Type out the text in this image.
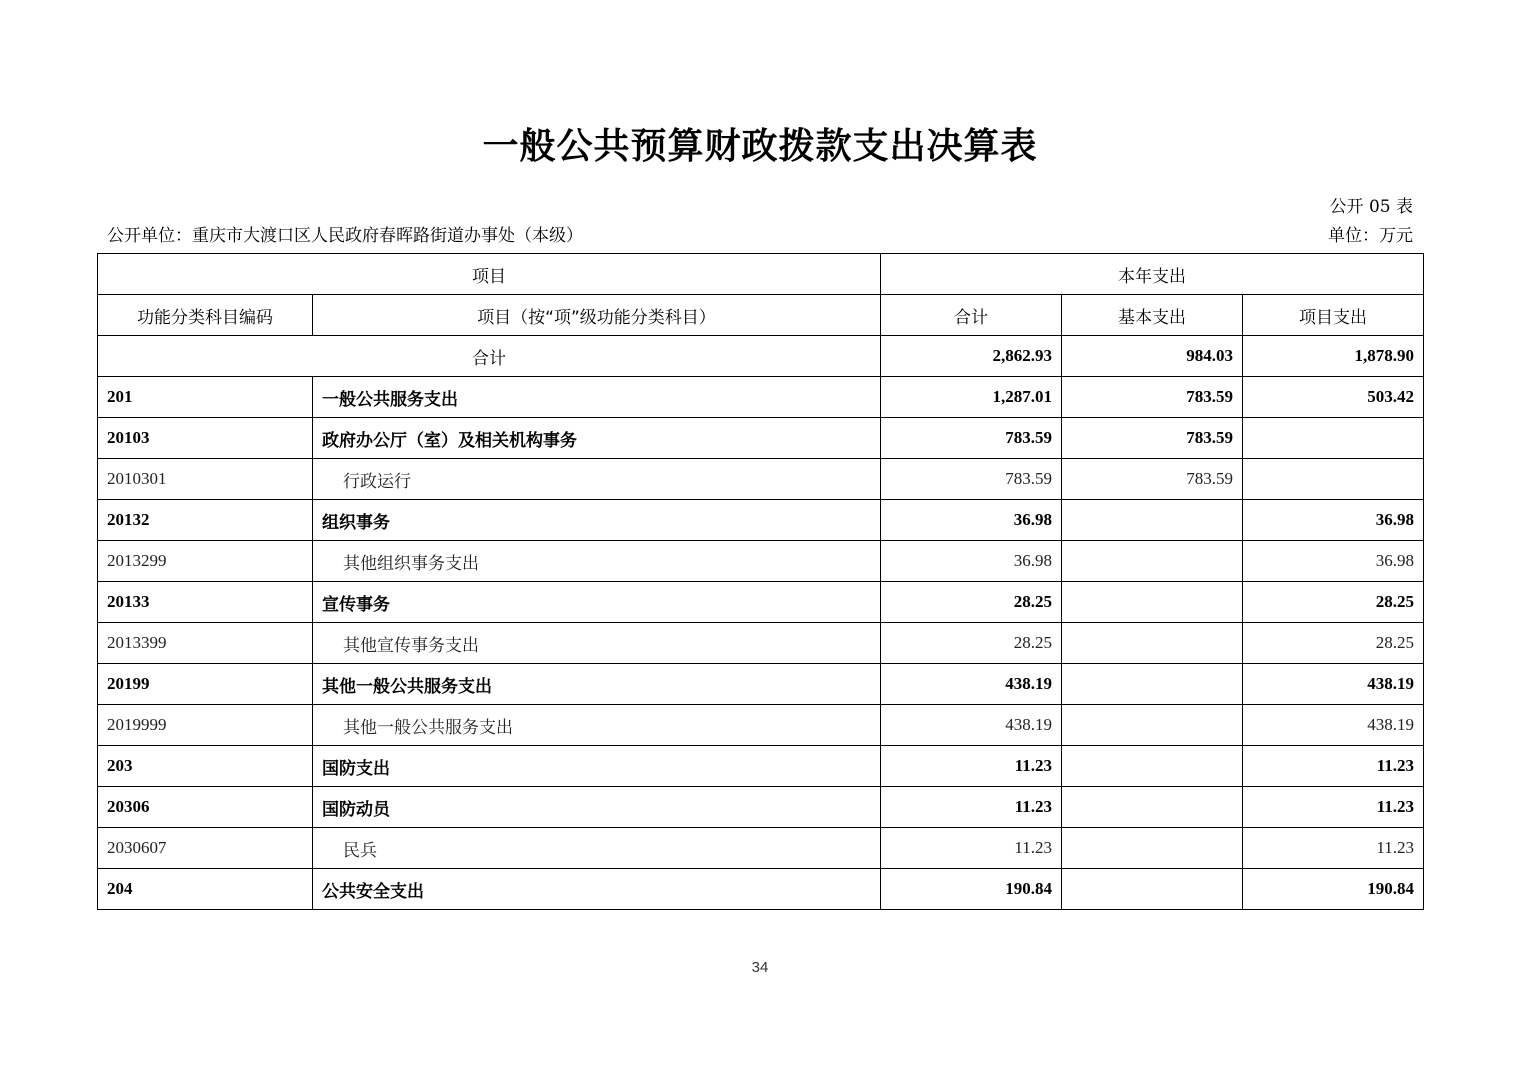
一般公共预算财政拨款支出决算表
公开 05 表
公开单位：重庆市大渡口区人民政府春晖路街道办事处（本级）	单位：万元
项目		本年支出		
功能分类科目编码	项目（按“项”级功能分类科目）	合计	基本支出	项目支出
合计		2,862.93	984.03	1,878.90
201	一般公共服务支出	1,287.01	783.59	503.42
20103	政府办公厅（室）及相关机构事务	783.59	783.59	
2010301	行政运行	783.59	783.59	
20132	组织事务	36.98		36.98
2013299	其他组织事务支出	36.98		36.98
20133	宣传事务	28.25		28.25
2013399	其他宣传事务支出	28.25		28.25
20199	其他一般公共服务支出	438.19		438.19
2019999	其他一般公共服务支出	438.19		438.19
203	国防支出	11.23		11.23
20306	国防动员	11.23		11.23
2030607	民兵	11.23		11.23
204	公共安全支出	190.84		190.84
34
